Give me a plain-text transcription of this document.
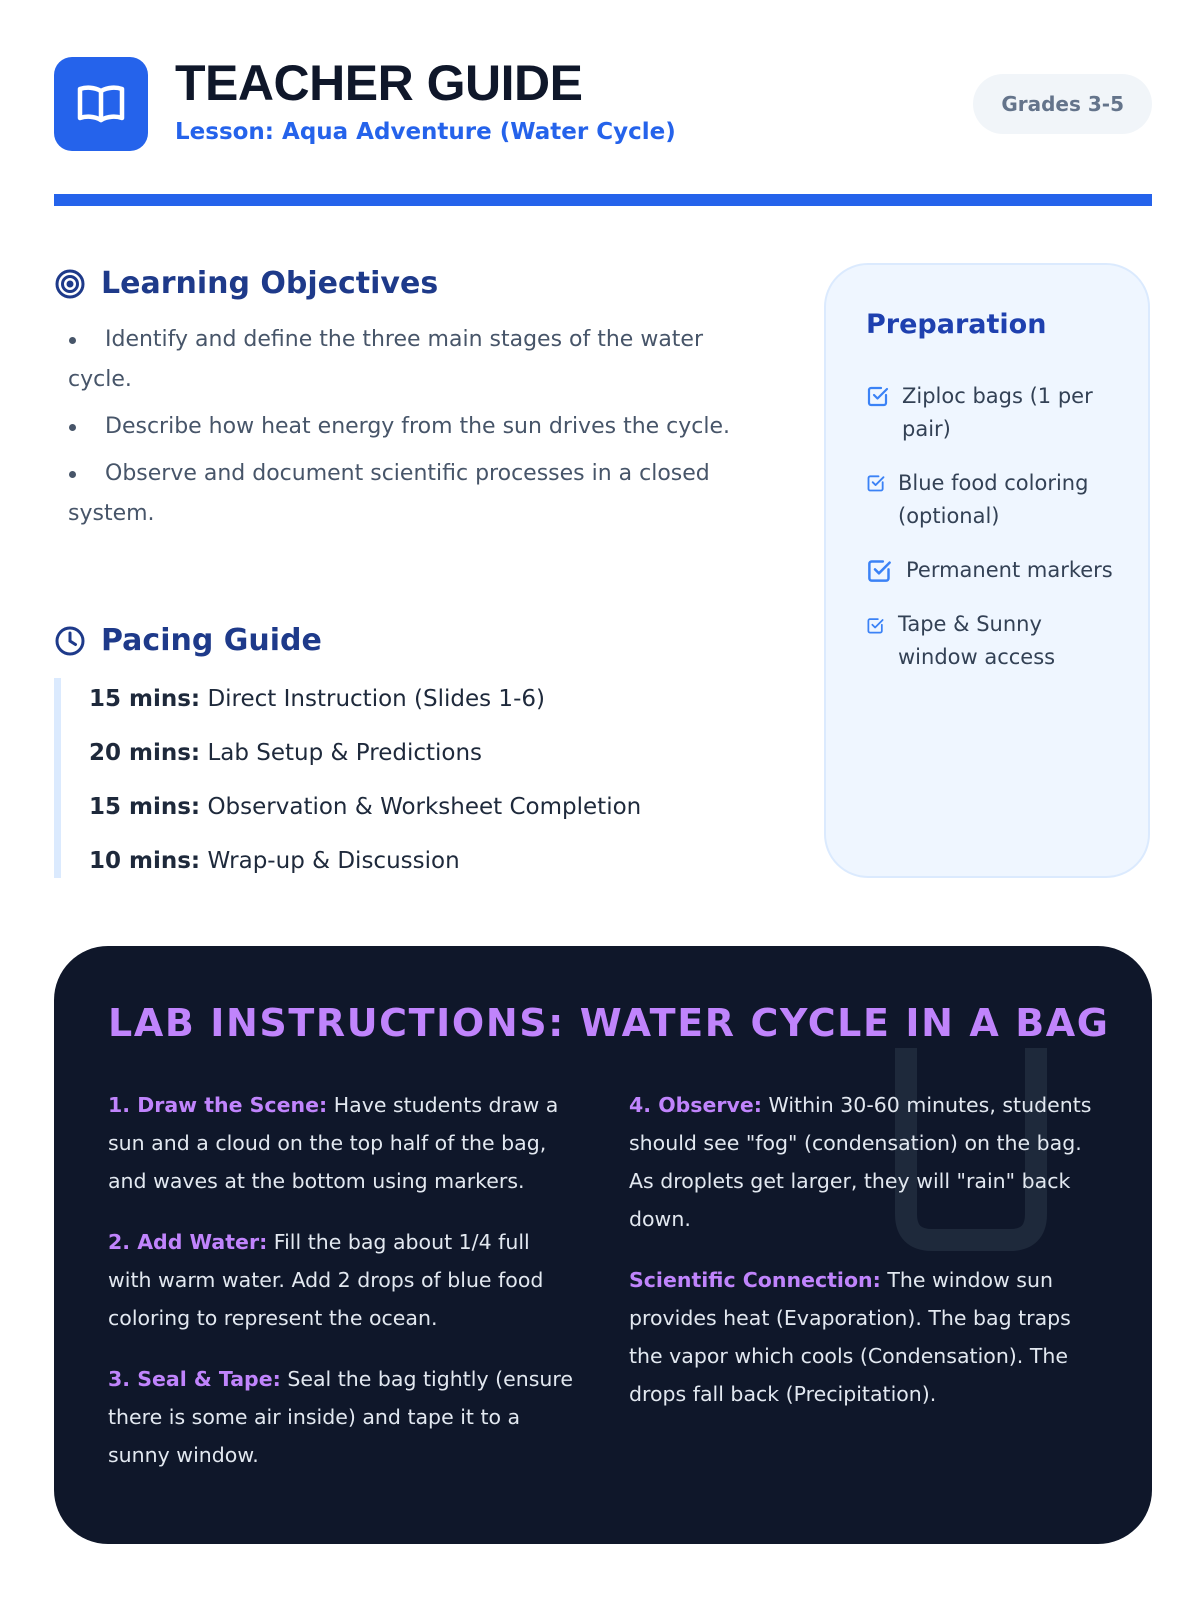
TEACHER GUIDE
Lesson: Aqua Adventure (Water Cycle)
Grades 3-5
Learning Objectives
Identify and define the three main stages of the water cycle.
Describe how heat energy from the sun drives the cycle.
Observe and document scientific processes in a closed system.
Pacing Guide
15 mins: Direct Instruction (Slides 1-6)
20 mins: Lab Setup & Predictions
15 mins: Observation & Worksheet Completion
10 mins: Wrap-up & Discussion
Preparation
Ziploc bags (1 per pair)
Blue food coloring (optional)
Permanent markers
Tape & Sunny window access
LAB INSTRUCTIONS: WATER CYCLE IN A BAG

1. Draw the Scene: Have students draw a sun and a cloud on the top half of the bag, and waves at the bottom using markers.

2. Add Water: Fill the bag about 1/4 full with warm water. Add 2 drops of blue food coloring to represent the ocean.

3. Seal & Tape: Seal the bag tightly (ensure there is some air inside) and tape it to a sunny window.

4. Observe: Within 30-60 minutes, students should see "fog" (condensation) on the bag. As droplets get larger, they will "rain" back down.

Scientific Connection: The window sun provides heat (Evaporation). The bag traps the vapor which cools (Condensation). The drops fall back (Precipitation).
